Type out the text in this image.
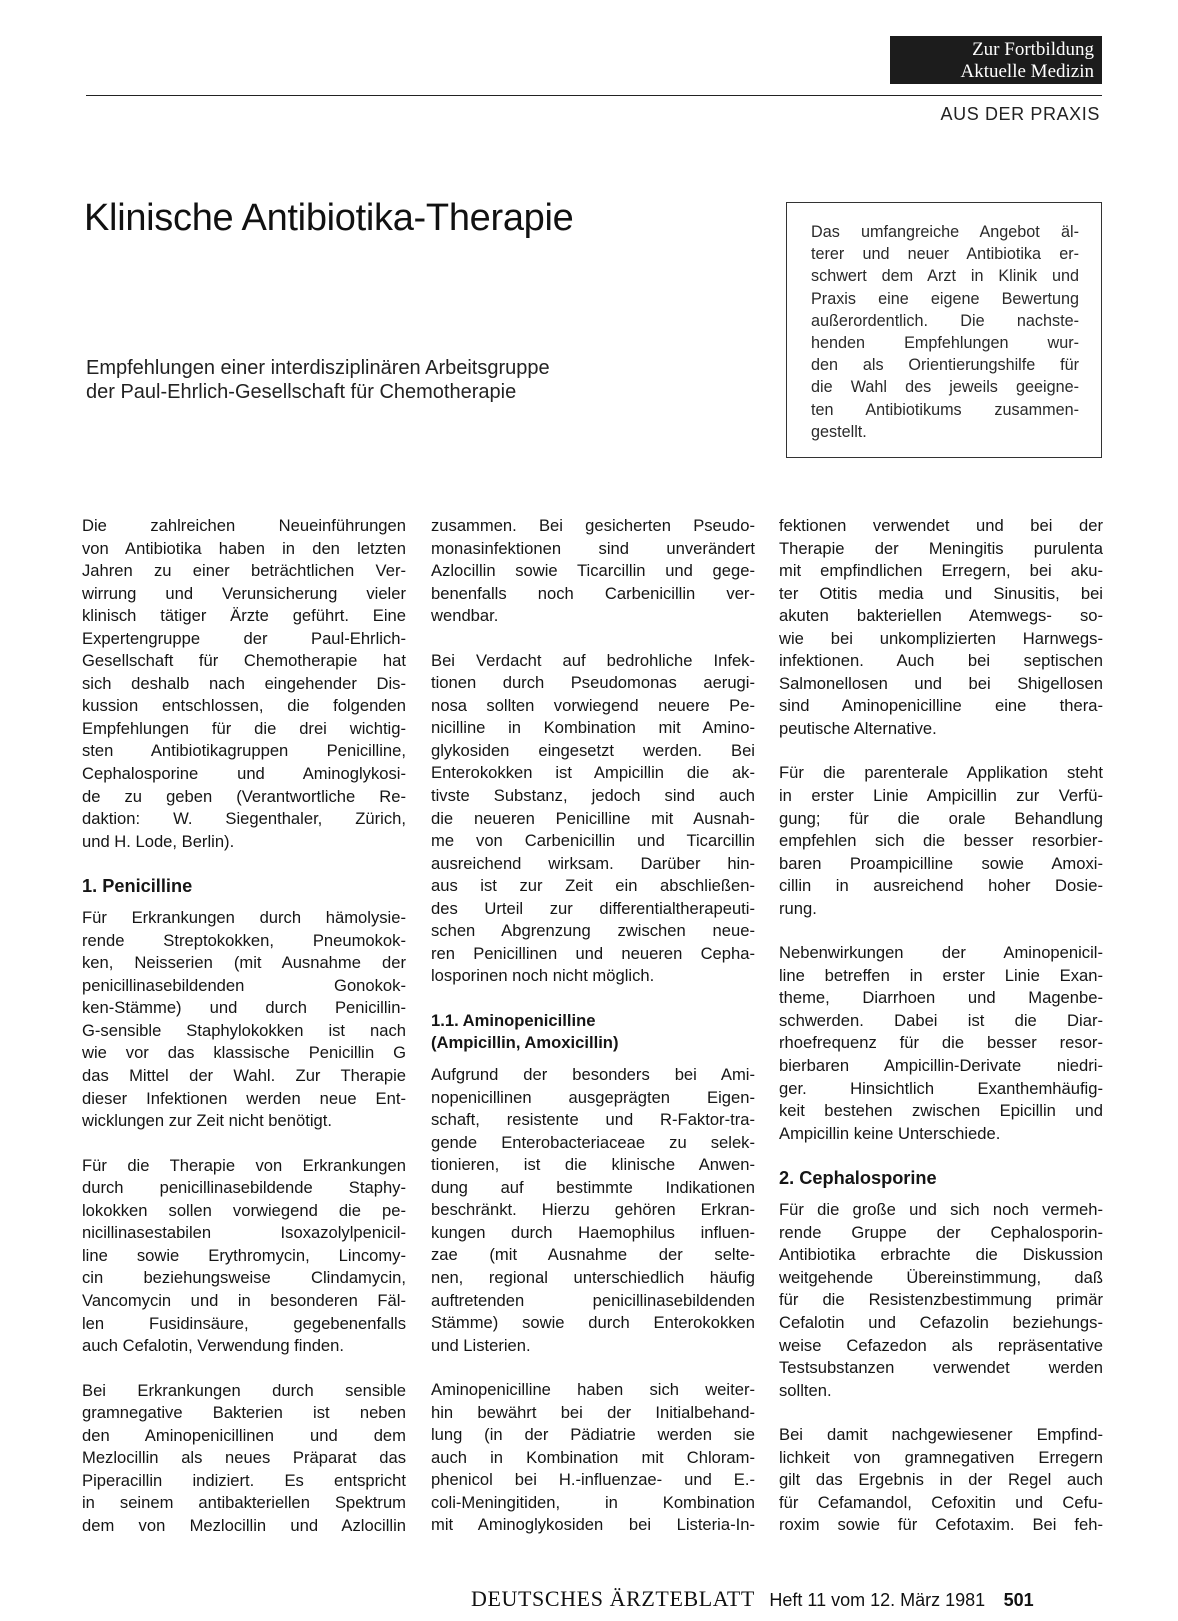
Zur Fortbildung
Aktuelle Medizin
AUS DER PRAXIS
Klinische Antibiotika-Therapie
Empfehlungen einer interdisziplinären Arbeitsgruppe
der Paul-Ehrlich-Gesellschaft für Chemotherapie
Das umfangreiche Angebot äl-
terer und neuer Antibiotika er-
schwert dem Arzt in Klinik und
Praxis eine eigene Bewertung
außerordentlich. Die nachste-
henden Empfehlungen wur-
den als Orientierungshilfe für
die Wahl des jeweils geeigne-
ten Antibiotikums zusammen-
gestellt.

Die zahlreichen Neueinführungen
von Antibiotika haben in den letzten
Jahren zu einer beträchtlichen Ver-
wirrung und Verunsicherung vieler
klinisch tätiger Ärzte geführt. Eine
Expertengruppe der Paul-Ehrlich-
Gesellschaft für Chemotherapie hat
sich deshalb nach eingehender Dis-
kussion entschlossen, die folgenden
Empfehlungen für die drei wichtig-
sten Antibiotikagruppen Penicilline,
Cephalosporine und Aminoglykosi-
de zu geben (Verantwortliche Re-
daktion: W. Siegenthaler, Zürich,
und H. Lode, Berlin).

1. Penicilline

Für Erkrankungen durch hämolysie-
rende Streptokokken, Pneumokok-
ken, Neisserien (mit Ausnahme der
penicillinasebildenden Gonokok-
ken-Stämme) und durch Penicillin-
G-sensible Staphylokokken ist nach
wie vor das klassische Penicillin G
das Mittel der Wahl. Zur Therapie
dieser Infektionen werden neue Ent-
wicklungen zur Zeit nicht benötigt.

Für die Therapie von Erkrankungen
durch penicillinasebildende Staphy-
lokokken sollen vorwiegend die pe-
nicillinasestabilen Isoxazolylpenicil-
line sowie Erythromycin, Lincomy-
cin beziehungsweise Clindamycin,
Vancomycin und in besonderen Fäl-
len Fusidinsäure, gegebenenfalls
auch Cefalotin, Verwendung finden.

Bei Erkrankungen durch sensible
gramnegative Bakterien ist neben
den Aminopenicillinen und dem
Mezlocillin als neues Präparat das
Piperacillin indiziert. Es entspricht
in seinem antibakteriellen Spektrum
dem von Mezlocillin und Azlocillin

zusammen. Bei gesicherten Pseudo-
monasinfektionen sind unverändert
Azlocillin sowie Ticarcillin und gege-
benenfalls noch Carbenicillin ver-
wendbar.

Bei Verdacht auf bedrohliche Infek-
tionen durch Pseudomonas aerugi-
nosa sollten vorwiegend neuere Pe-
nicilline in Kombination mit Amino-
glykosiden eingesetzt werden. Bei
Enterokokken ist Ampicillin die ak-
tivste Substanz, jedoch sind auch
die neueren Penicilline mit Ausnah-
me von Carbenicillin und Ticarcillin
ausreichend wirksam. Darüber hin-
aus ist zur Zeit ein abschließen-
des Urteil zur differentialtherapeuti-
schen Abgrenzung zwischen neue-
ren Penicillinen und neueren Cepha-
losporinen noch nicht möglich.

1.1. Aminopenicilline
(Ampicillin, Amoxicillin)

Aufgrund der besonders bei Ami-
nopenicillinen ausgeprägten Eigen-
schaft, resistente und R-Faktor-tra-
gende Enterobacteriaceae zu selek-
tionieren, ist die klinische Anwen-
dung auf bestimmte Indikationen
beschränkt. Hierzu gehören Erkran-
kungen durch Haemophilus influen-
zae (mit Ausnahme der selte-
nen, regional unterschiedlich häufig
auftretenden penicillinasebildenden
Stämme) sowie durch Enterokokken
und Listerien.

Aminopenicilline haben sich weiter-
hin bewährt bei der Initialbehand-
lung (in der Pädiatrie werden sie
auch in Kombination mit Chloram-
phenicol bei H.-influenzae- und E.-
coli-Meningitiden, in Kombination
mit Aminoglykosiden bei Listeria-In-

fektionen verwendet und bei der
Therapie der Meningitis purulenta
mit empfindlichen Erregern, bei aku-
ter Otitis media und Sinusitis, bei
akuten bakteriellen Atemwegs- so-
wie bei unkomplizierten Harnwegs-
infektionen. Auch bei septischen
Salmonellosen und bei Shigellosen
sind Aminopenicilline eine thera-
peutische Alternative.

Für die parenterale Applikation steht
in erster Linie Ampicillin zur Verfü-
gung; für die orale Behandlung
empfehlen sich die besser resorbier-
baren Proampicilline sowie Amoxi-
cillin in ausreichend hoher Dosie-
rung.

Nebenwirkungen der Aminopenicil-
line betreffen in erster Linie Exan-
theme, Diarrhoen und Magenbe-
schwerden. Dabei ist die Diar-
rhoefrequenz für die besser resor-
bierbaren Ampicillin-Derivate niedri-
ger. Hinsichtlich Exanthemhäufig-
keit bestehen zwischen Epicillin und
Ampicillin keine Unterschiede.

2. Cephalosporine

Für die große und sich noch vermeh-
rende Gruppe der Cephalosporin-
Antibiotika erbrachte die Diskussion
weitgehende Übereinstimmung, daß
für die Resistenzbestimmung primär
Cefalotin und Cefazolin beziehungs-
weise Cefazedon als repräsentative
Testsubstanzen verwendet werden
sollten.

Bei damit nachgewiesener Empfind-
lichkeit von gramnegativen Erregern
gilt das Ergebnis in der Regel auch
für Cefamandol, Cefoxitin und Cefu-
roxim sowie für Cefotaxim. Bei feh-

DEUTSCHES ÄRZTEBLATT Heft 11 vom 12. März 1981 501
